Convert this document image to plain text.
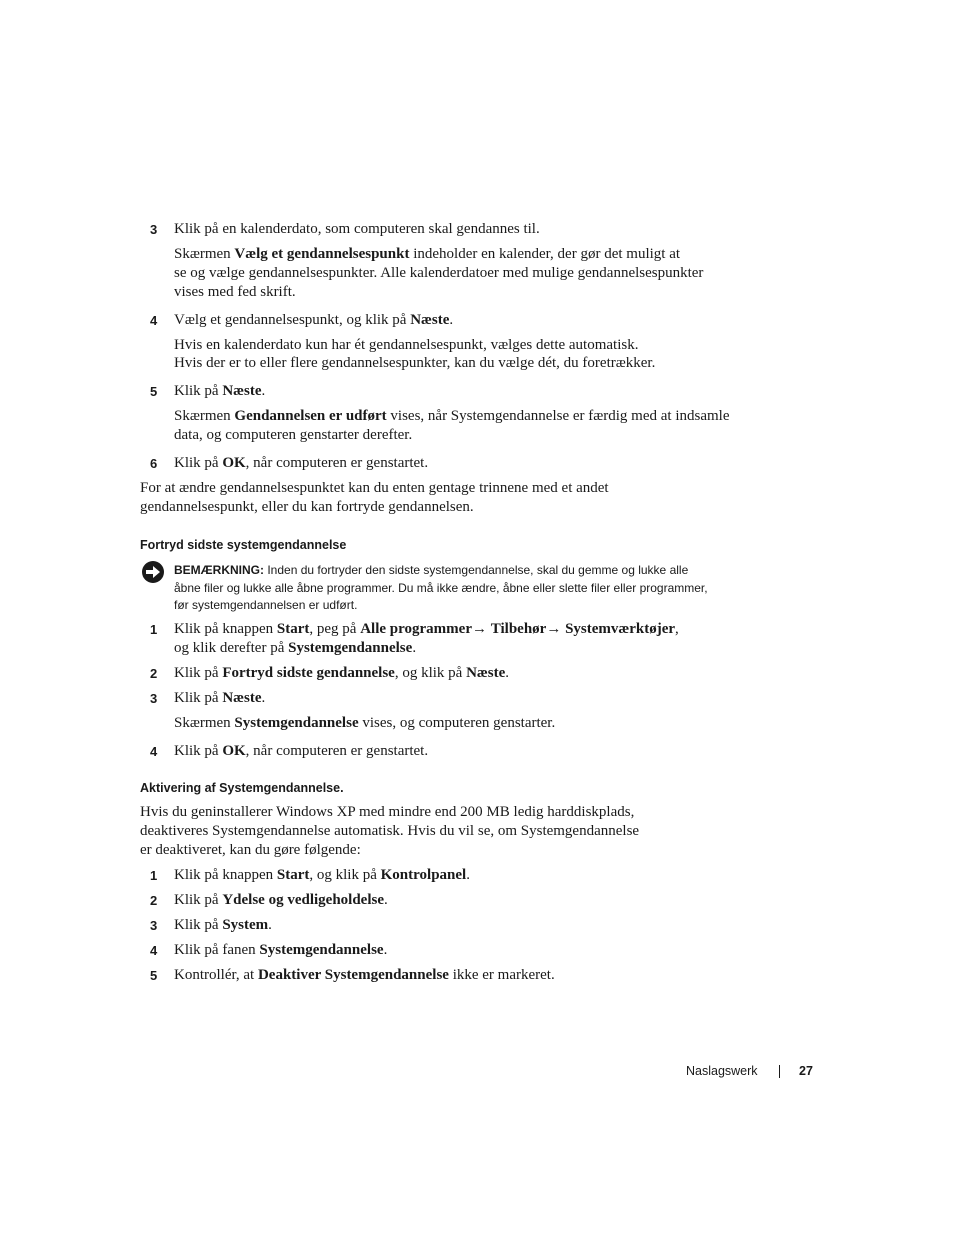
3 Klik på en kalenderdato, som computeren skal gendannes til.
Skærmen Vælg et gendannelsespunkt indeholder en kalender, der gør det muligt at
se og vælge gendannelsespunkter. Alle kalenderdatoer med mulige gendannelsespunkter
vises med fed skrift.
4 Vælg et gendannelsespunkt, og klik på Næste.
Hvis en kalenderdato kun har ét gendannelsespunkt, vælges dette automatisk.
Hvis der er to eller flere gendannelsespunkter, kan du vælge dét, du foretrækker.
5 Klik på Næste.
Skærmen Gendannelsen er udført vises, når Systemgendannelse er færdig med at indsamle
data, og computeren genstarter derefter.
6 Klik på OK, når computeren er genstartet.
For at ændre gendannelsespunktet kan du enten gentage trinnene med et andet
gendannelsespunkt, eller du kan fortryde gendannelsen.
Fortryd sidste systemgendannelse
BEMÆRKNING: Inden du fortryder den sidste systemgendannelse, skal du gemme og lukke alle
åbne filer og lukke alle åbne programmer. Du må ikke ændre, åbne eller slette filer eller programmer,
før systemgendannelsen er udført.
1 Klik på knappen Start, peg på Alle programmer→ Tilbehør→ Systemværktøjer,
og klik derefter på Systemgendannelse.
2 Klik på Fortryd sidste gendannelse, og klik på Næste.
3 Klik på Næste.
Skærmen Systemgendannelse vises, og computeren genstarter.
4 Klik på OK, når computeren er genstartet.
Aktivering af Systemgendannelse.
Hvis du geninstallerer Windows XP med mindre end 200 MB ledig harddiskplads,
deaktiveres Systemgendannelse automatisk. Hvis du vil se, om Systemgendannelse
er deaktiveret, kan du gøre følgende:
1 Klik på knappen Start, og klik på Kontrolpanel.
2 Klik på Ydelse og vedligeholdelse.
3 Klik på System.
4 Klik på fanen Systemgendannelse.
5 Kontrollér, at Deaktiver Systemgendannelse ikke er markeret.
Naslagswerk	27
